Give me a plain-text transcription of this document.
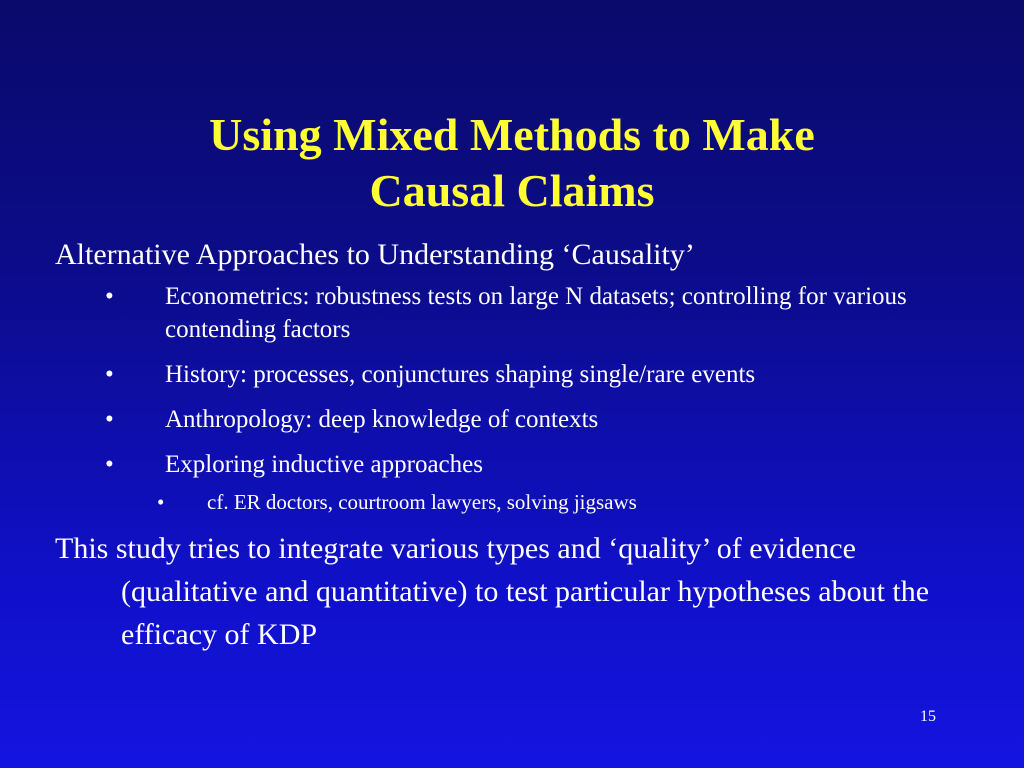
Using Mixed Methods to Make
Causal Claims

Alternative Approaches to Understanding ‘Causality’

• Econometrics: robustness tests on large N datasets; controlling for various contending factors
• History: processes, conjunctures shaping single/rare events
• Anthropology: deep knowledge of contexts
• Exploring inductive approaches
• cf. ER doctors, courtroom lawyers, solving jigsaws

This study tries to integrate various types and ‘quality’ of evidence (qualitative and quantitative) to test particular hypotheses about the efficacy of KDP

15
